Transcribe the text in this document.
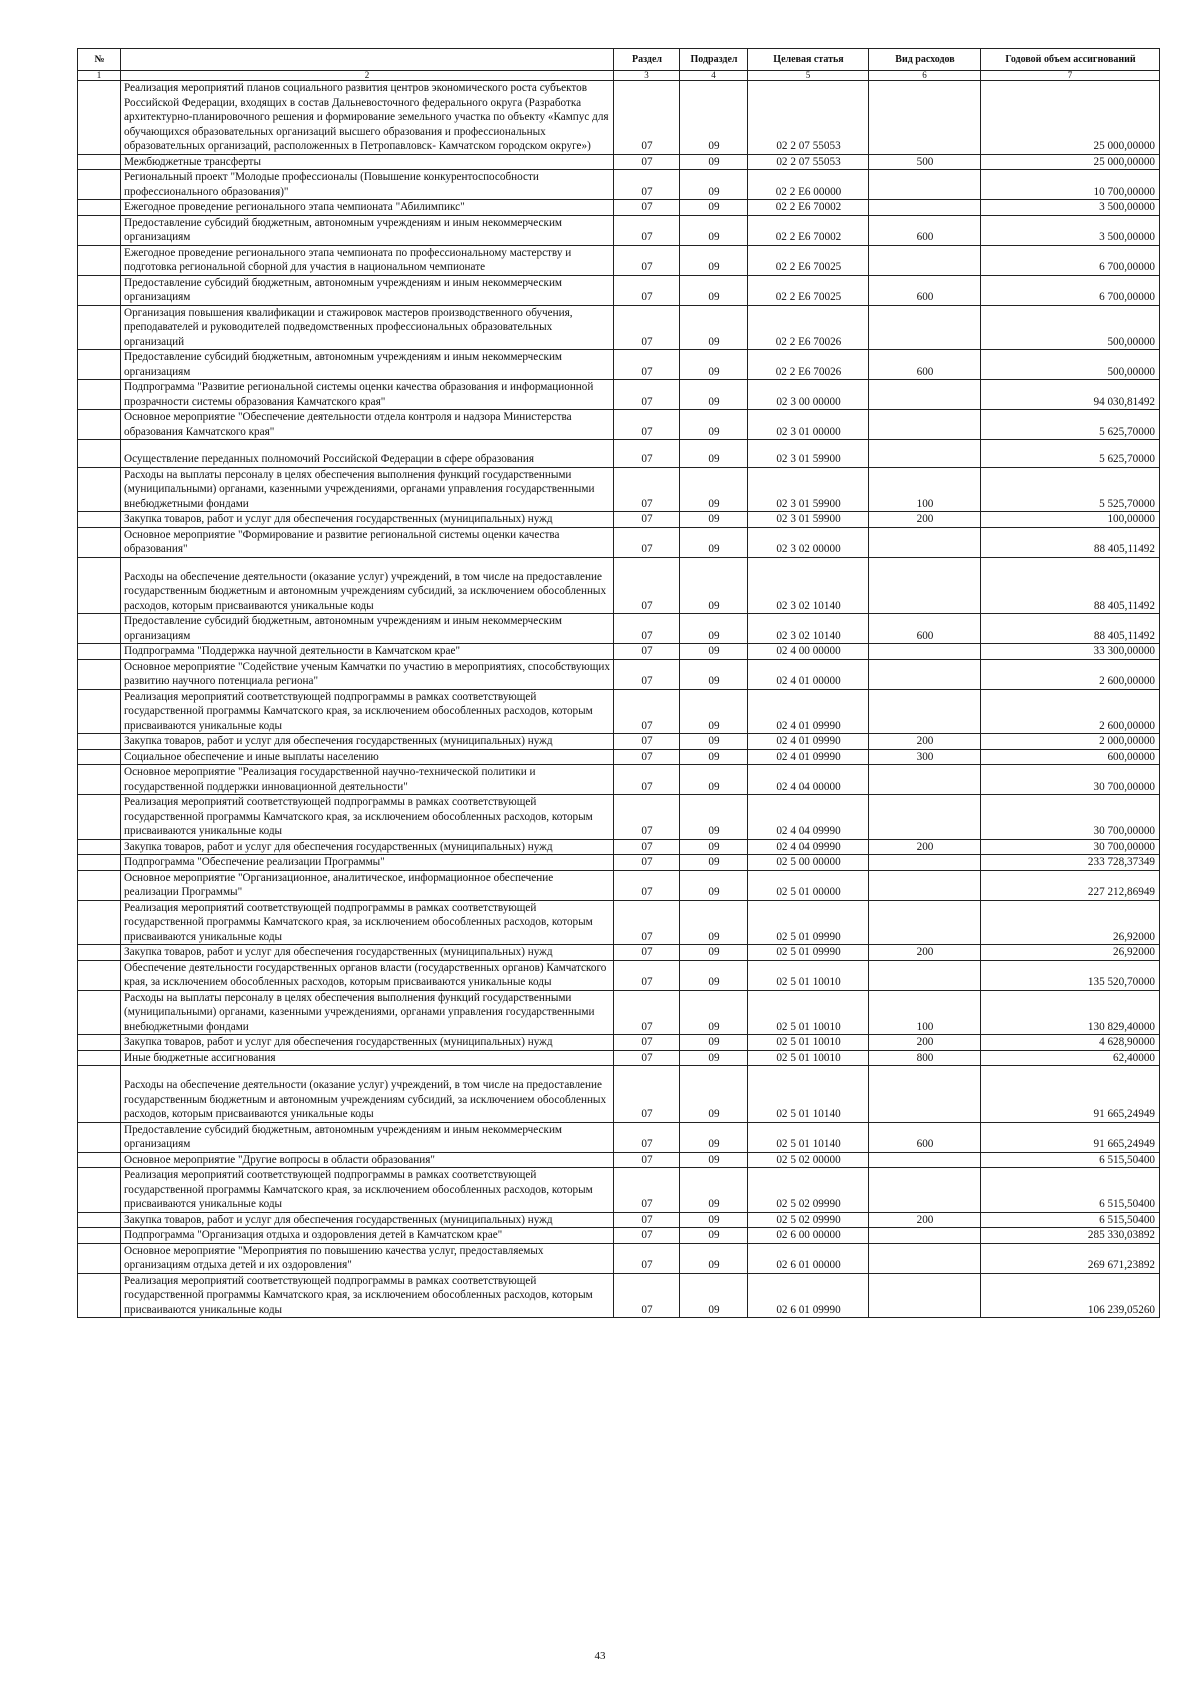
№		Раздел	Подраздел	Целевая статья	Вид расходов	Годовой объем ассигнований
1	2	3	4	5	6	7
	Реализация мероприятий планов социального развития центров экономического роста субъектов Российской Федерации, входящих в состав Дальневосточного федерального округа (Разработка архитектурно-планировочного решения и формирование земельного участка по объекту «Кампус для обучающихся образовательных организаций высшего образования и профессиональных образовательных организаций, расположенных в Петропавловск- Камчатском городском округе»)	07	09	02 2 07 55053		25 000,00000
	Межбюджетные трансферты	07	09	02 2 07 55053	500	25 000,00000
	Региональный проект "Молодые профессионалы (Повышение конкурентоспособности профессионального образования)"	07	09	02 2 E6 00000		10 700,00000
	Ежегодное проведение регионального этапа чемпионата "Абилимпикс"	07	09	02 2 E6 70002		3 500,00000
	Предоставление субсидий бюджетным, автономным учреждениям и иным некоммерческим организациям	07	09	02 2 E6 70002	600	3 500,00000
	Ежегодное проведение регионального этапа чемпионата по профессиональному мастерству и подготовка региональной сборной для участия в национальном чемпионате	07	09	02 2 E6 70025		6 700,00000
	Предоставление субсидий бюджетным, автономным учреждениям и иным некоммерческим организациям	07	09	02 2 E6 70025	600	6 700,00000
	Организация повышения квалификации и стажировок мастеров производственного обучения, преподавателей и руководителей подведомственных профессиональных образовательных организаций	07	09	02 2 E6 70026		500,00000
	Предоставление субсидий бюджетным, автономным учреждениям и иным некоммерческим организациям	07	09	02 2 E6 70026	600	500,00000
	Подпрограмма "Развитие региональной системы оценки качества образования и информационной прозрачности системы образования Камчатского края"	07	09	02 3 00 00000		94 030,81492
	Основное мероприятие "Обеспечение деятельности отдела контроля и надзора Министерства образования Камчатского края"	07	09	02 3 01 00000		5 625,70000

Осуществление переданных полномочий Российской Федерации в сфере образования	07	09	02 3 01 59900		5 625,70000
	Расходы на выплаты персоналу в целях обеспечения выполнения функций государственными (муниципальными) органами, казенными учреждениями, органами управления государственными внебюджетными фондами	07	09	02 3 01 59900	100	5 525,70000
	Закупка товаров, работ и услуг для обеспечения государственных (муниципальных) нужд	07	09	02 3 01 59900	200	100,00000
	Основное мероприятие "Формирование и развитие региональной системы оценки качества образования"	07	09	02 3 02 00000		88 405,11492

Расходы на обеспечение деятельности (оказание услуг) учреждений, в том числе на предоставление государственным бюджетным и автономным учреждениям субсидий, за исключением обособленных расходов, которым присваиваются уникальные коды	07	09	02 3 02 10140		88 405,11492
	Предоставление субсидий бюджетным, автономным учреждениям и иным некоммерческим организациям	07	09	02 3 02 10140	600	88 405,11492
	Подпрограмма "Поддержка научной деятельности в Камчатском крае"	07	09	02 4 00 00000		33 300,00000
	Основное мероприятие "Содействие ученым Камчатки по участию в мероприятиях, способствующих развитию научного потенциала региона"	07	09	02 4 01 00000		2 600,00000
	Реализация мероприятий соответствующей подпрограммы в рамках соответствующей государственной программы Камчатского края, за исключением обособленных расходов, которым присваиваются уникальные коды	07	09	02 4 01 09990		2 600,00000
	Закупка товаров, работ и услуг для обеспечения государственных (муниципальных) нужд	07	09	02 4 01 09990	200	2 000,00000
	Социальное обеспечение и иные выплаты населению	07	09	02 4 01 09990	300	600,00000
	Основное мероприятие "Реализация государственной научно-технической политики и государственной поддержки инновационной деятельности"	07	09	02 4 04 00000		30 700,00000
	Реализация мероприятий соответствующей подпрограммы в рамках соответствующей государственной программы Камчатского края, за исключением обособленных расходов, которым присваиваются уникальные коды	07	09	02 4 04 09990		30 700,00000
	Закупка товаров, работ и услуг для обеспечения государственных (муниципальных) нужд	07	09	02 4 04 09990	200	30 700,00000
	Подпрограмма "Обеспечение реализации Программы"	07	09	02 5 00 00000		233 728,37349
	Основное мероприятие "Организационное, аналитическое, информационное обеспечение реализации Программы"	07	09	02 5 01 00000		227 212,86949
	Реализация мероприятий соответствующей подпрограммы в рамках соответствующей государственной программы Камчатского края, за исключением обособленных расходов, которым присваиваются уникальные коды	07	09	02 5 01 09990		26,92000
	Закупка товаров, работ и услуг для обеспечения государственных (муниципальных) нужд	07	09	02 5 01 09990	200	26,92000
	Обеспечение деятельности государственных органов власти (государственных органов) Камчатского края, за исключением обособленных расходов, которым присваиваются уникальные коды	07	09	02 5 01 10010		135 520,70000
	Расходы на выплаты персоналу в целях обеспечения выполнения функций государственными (муниципальными) органами, казенными учреждениями, органами управления государственными внебюджетными фондами	07	09	02 5 01 10010	100	130 829,40000
	Закупка товаров, работ и услуг для обеспечения государственных (муниципальных) нужд	07	09	02 5 01 10010	200	4 628,90000
	Иные бюджетные ассигнования	07	09	02 5 01 10010	800	62,40000

Расходы на обеспечение деятельности (оказание услуг) учреждений, в том числе на предоставление государственным бюджетным и автономным учреждениям субсидий, за исключением обособленных расходов, которым присваиваются уникальные коды	07	09	02 5 01 10140		91 665,24949
	Предоставление субсидий бюджетным, автономным учреждениям и иным некоммерческим организациям	07	09	02 5 01 10140	600	91 665,24949
	Основное мероприятие "Другие вопросы в области образования"	07	09	02 5 02 00000		6 515,50400
	Реализация мероприятий соответствующей подпрограммы в рамках соответствующей государственной программы Камчатского края, за исключением обособленных расходов, которым присваиваются уникальные коды	07	09	02 5 02 09990		6 515,50400
	Закупка товаров, работ и услуг для обеспечения государственных (муниципальных) нужд	07	09	02 5 02 09990	200	6 515,50400
	Подпрограмма "Организация отдыха и оздоровления детей в Камчатском крае"	07	09	02 6 00 00000		285 330,03892
	Основное мероприятие "Мероприятия по повышению качества услуг, предоставляемых организациям отдыха детей и их оздоровления"	07	09	02 6 01 00000		269 671,23892
	Реализация мероприятий соответствующей подпрограммы в рамках соответствующей государственной программы Камчатского края, за исключением обособленных расходов, которым присваиваются уникальные коды	07	09	02 6 01 09990		106 239,05260
43
